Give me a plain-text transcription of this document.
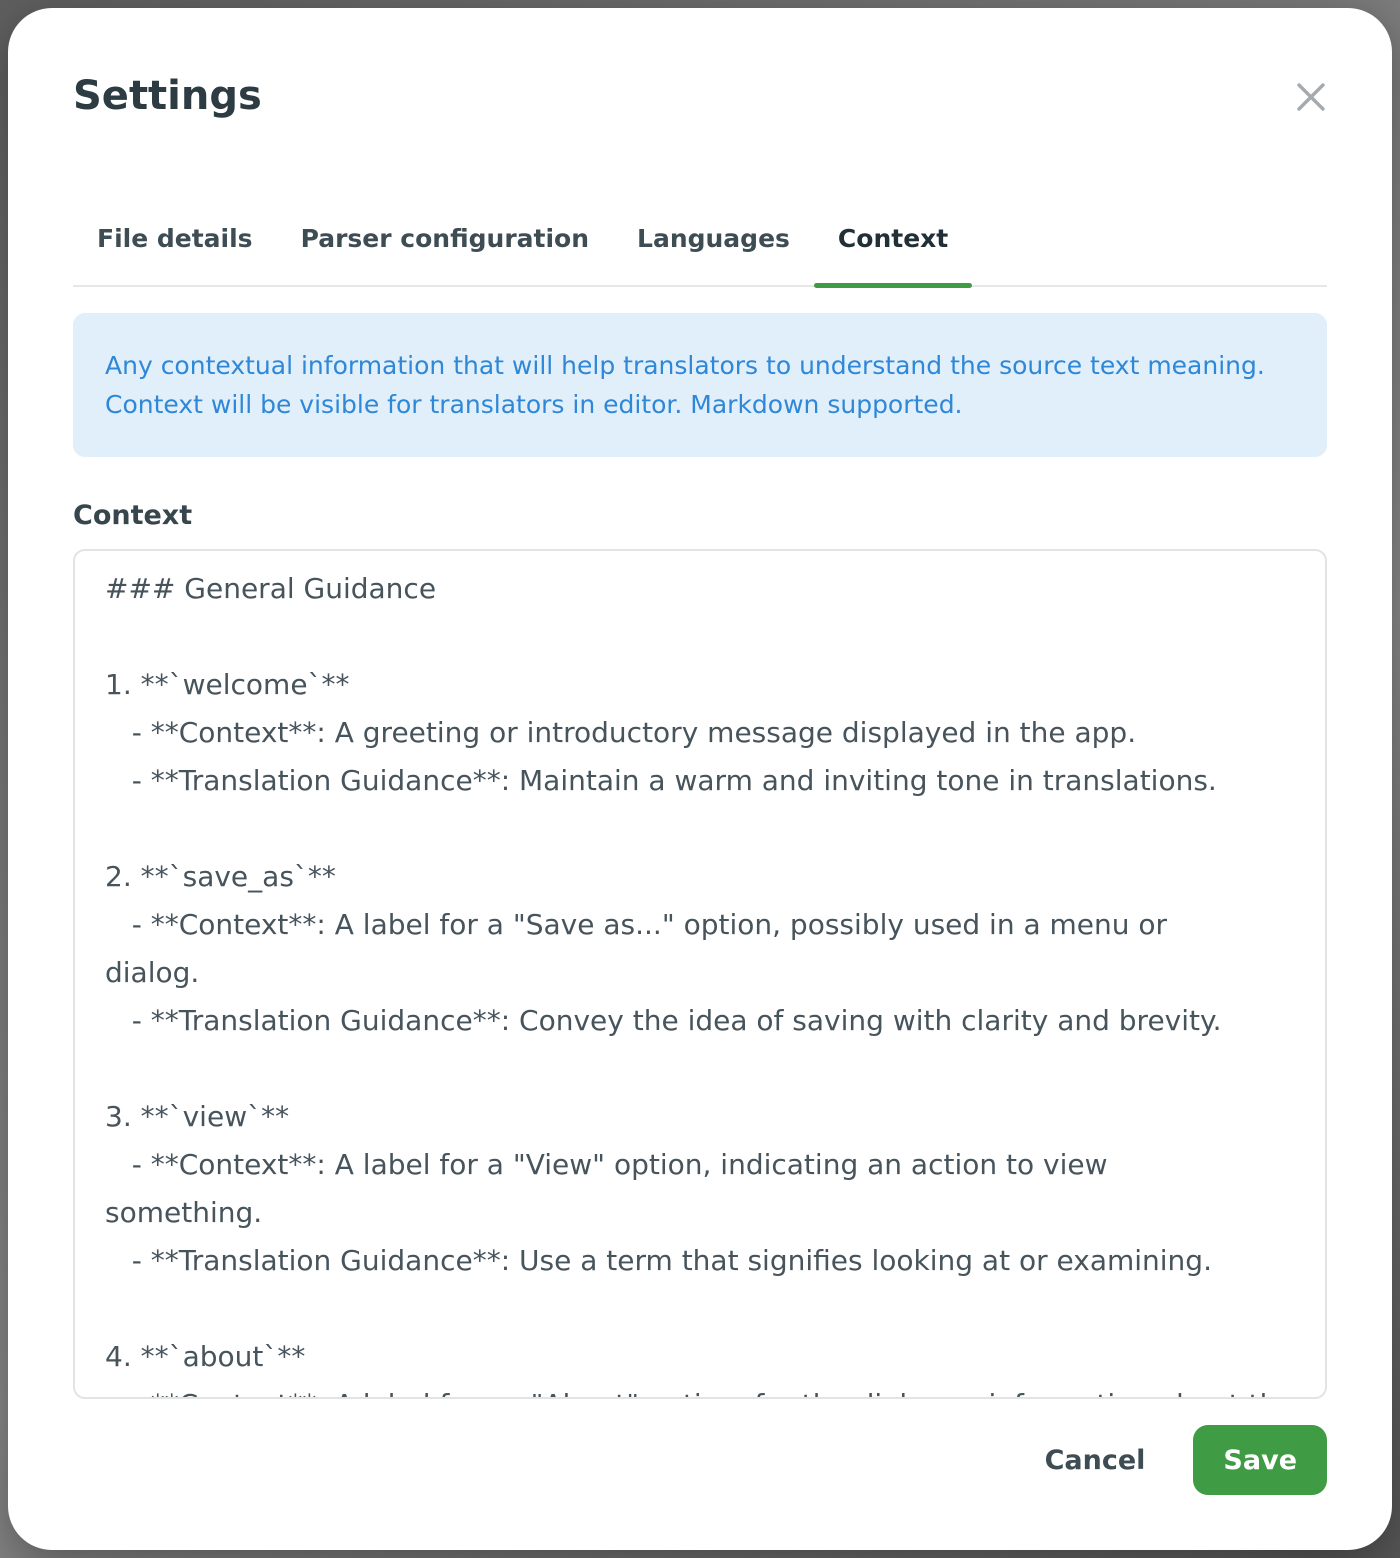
Settings
File details	Parser configuration	Languages	Context
Any contextual information that will help translators to understand the source text meaning.
Context will be visible for translators in editor. Markdown supported.
Context
### General Guidance 1. **`welcome`** - **Context**: A greeting or introductory message displayed in the app. - **Translation Guidance**: Maintain a warm and inviting tone in translations. 2. **`save_as`** - **Context**: A label for a "Save as..." option, possibly used in a menu or dialog. - **Translation Guidance**: Convey the idea of saving with clarity and brevity. 3. **`view`** - **Context**: A label for a "View" option, indicating an action to view something. - **Translation Guidance**: Use a term that signifies looking at or examining. 4. **`about`** - **Context**: A label for an "About" option, for the dialog or information about the app.
Cancel	Save
